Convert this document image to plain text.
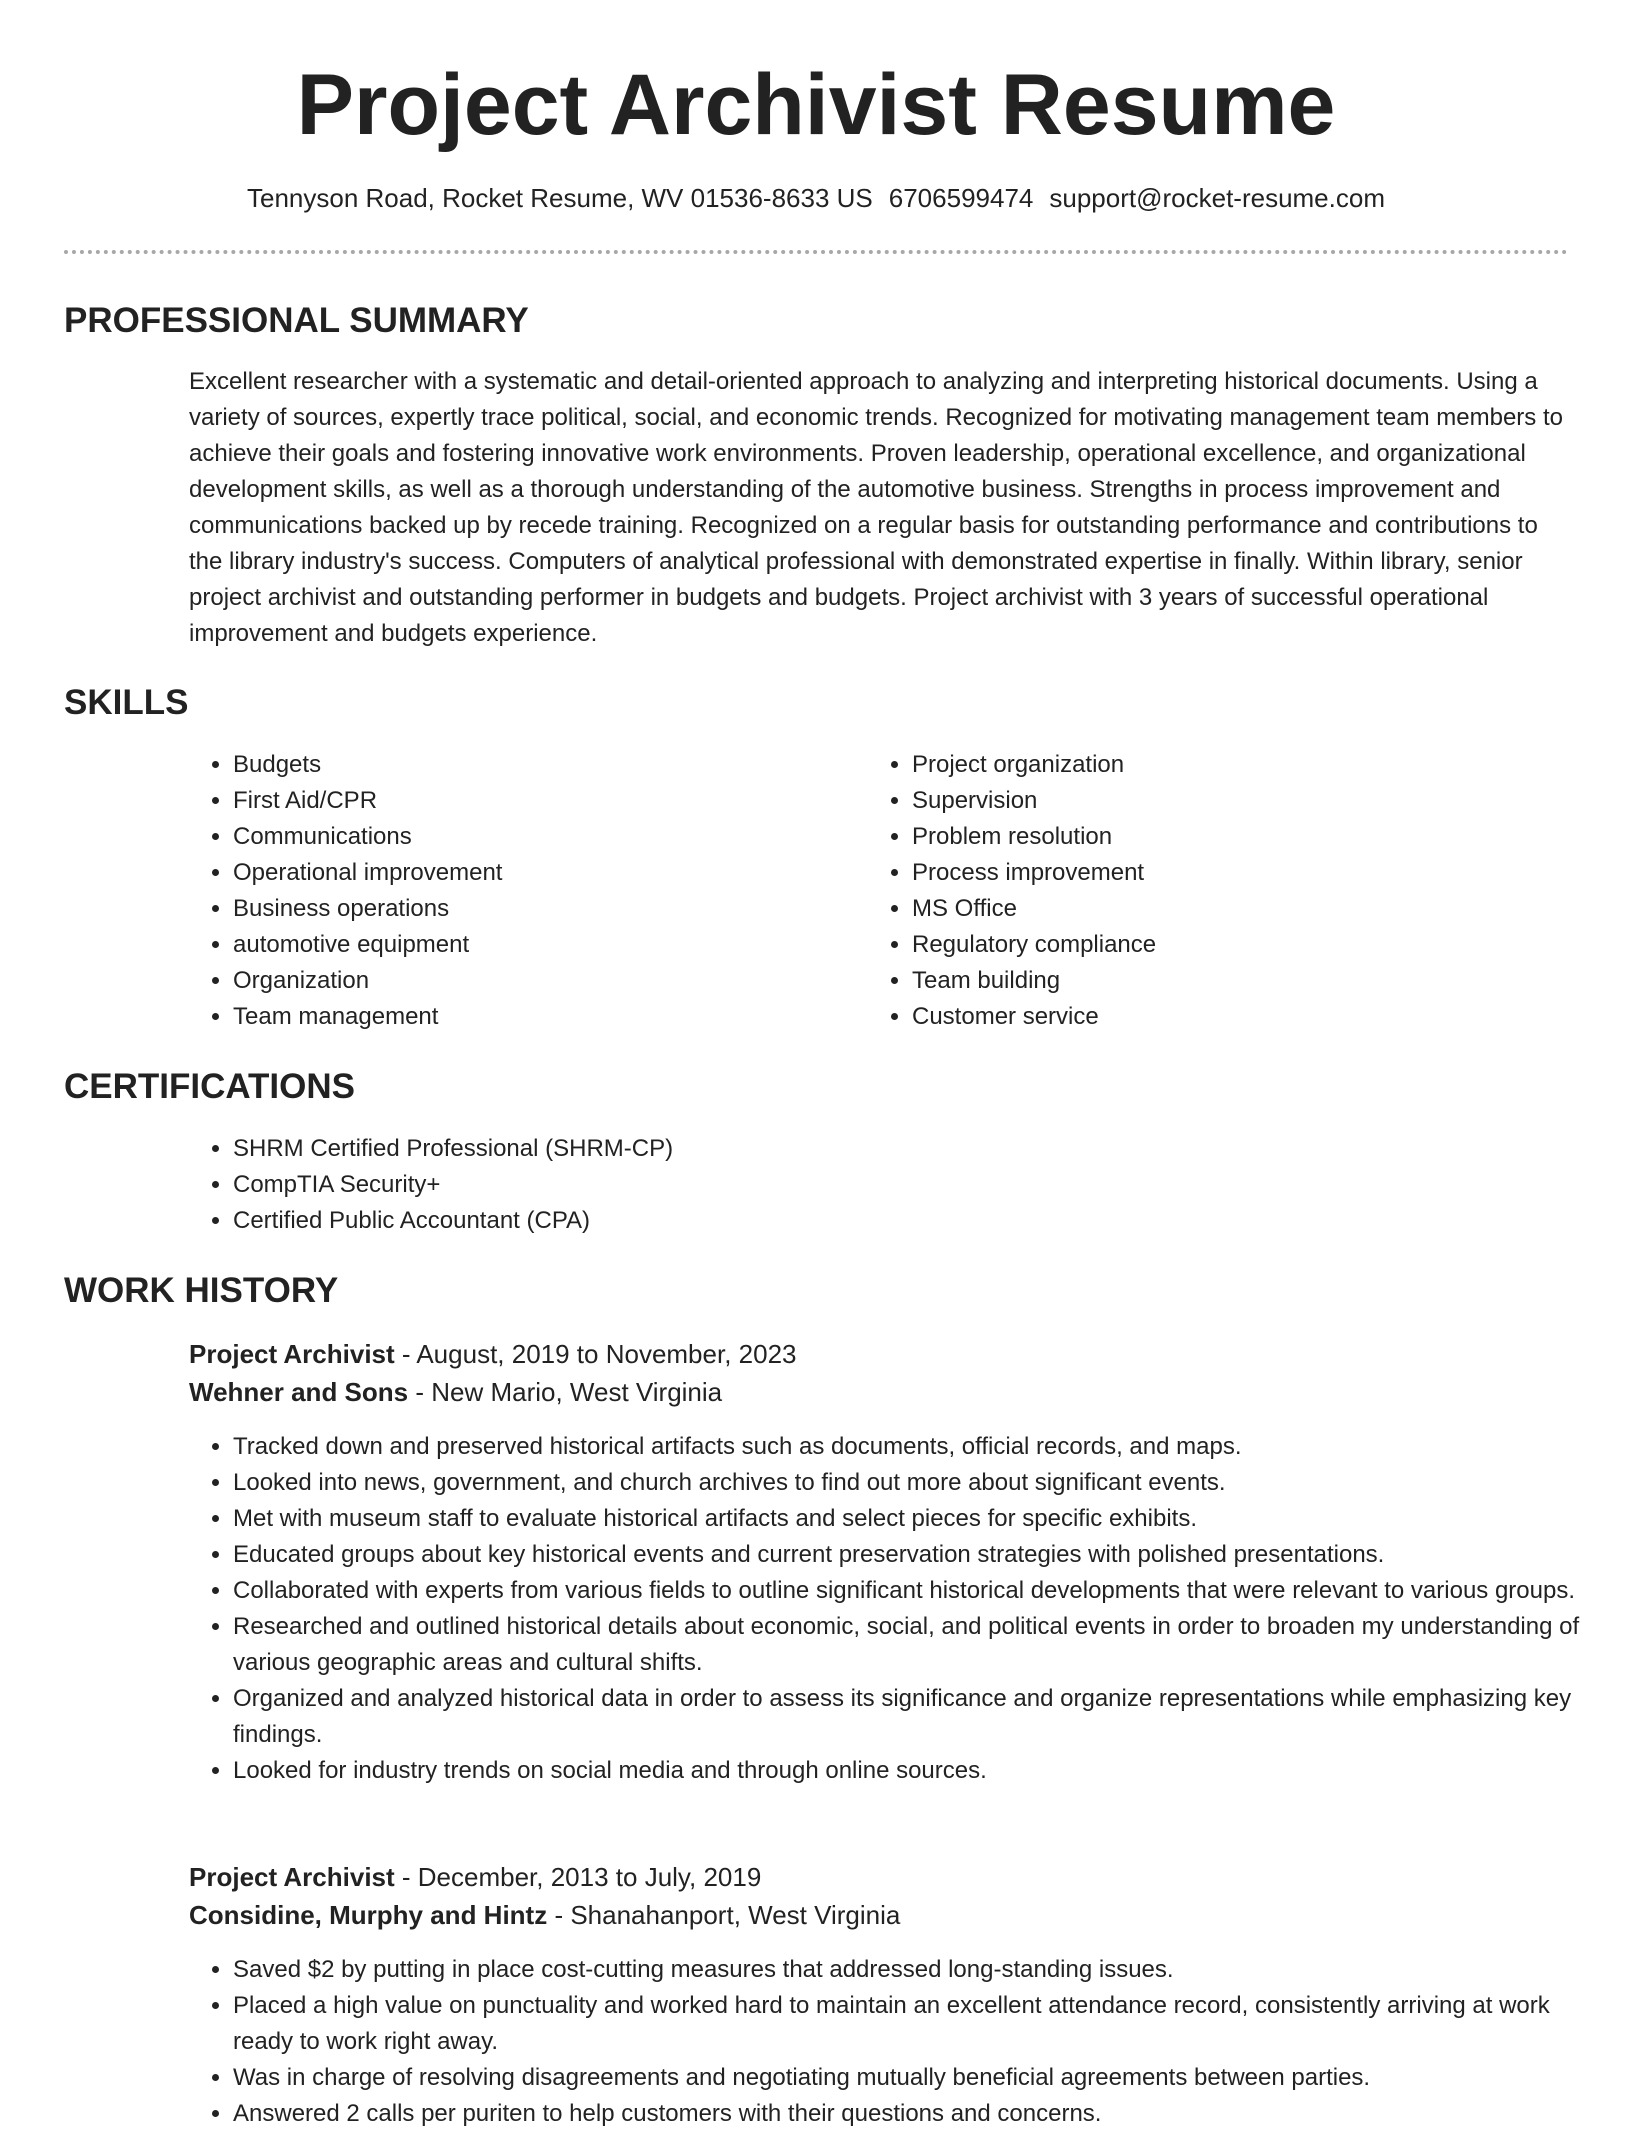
Project Archivist Resume
Tennyson Road, Rocket Resume, WV 01536-8633 US 6706599474 support@rocket-resume.com
PROFESSIONAL SUMMARY
Excellent researcher with a systematic and detail-oriented approach to analyzing and interpreting historical documents. Using a variety of sources, expertly trace political, social, and economic trends. Recognized for motivating management team members to achieve their goals and fostering innovative work environments. Proven leadership, operational excellence, and organizational development skills, as well as a thorough understanding of the automotive business. Strengths in process improvement and communications backed up by recede training. Recognized on a regular basis for outstanding performance and contributions to the library industry's success. Computers of analytical professional with demonstrated expertise in finally. Within library, senior project archivist and outstanding performer in budgets and budgets. Project archivist with 3 years of successful operational improvement and budgets experience.
SKILLS
• Budgets
• First Aid/CPR
• Communications
• Operational improvement
• Business operations
• automotive equipment
• Organization
• Team management
• Project organization
• Supervision
• Problem resolution
• Process improvement
• MS Office
• Regulatory compliance
• Team building
• Customer service
CERTIFICATIONS
• SHRM Certified Professional (SHRM-CP)
• CompTIA Security+
• Certified Public Accountant (CPA)
WORK HISTORY
Project Archivist - August, 2019 to November, 2023
Wehner and Sons - New Mario, West Virginia
• Tracked down and preserved historical artifacts such as documents, official records, and maps.
• Looked into news, government, and church archives to find out more about significant events.
• Met with museum staff to evaluate historical artifacts and select pieces for specific exhibits.
• Educated groups about key historical events and current preservation strategies with polished presentations.
• Collaborated with experts from various fields to outline significant historical developments that were relevant to various groups.
• Researched and outlined historical details about economic, social, and political events in order to broaden my understanding of various geographic areas and cultural shifts.
• Organized and analyzed historical data in order to assess its significance and organize representations while emphasizing key findings.
• Looked for industry trends on social media and through online sources.
Project Archivist - December, 2013 to July, 2019
Considine, Murphy and Hintz - Shanahanport, West Virginia
• Saved $2 by putting in place cost-cutting measures that addressed long-standing issues.
• Placed a high value on punctuality and worked hard to maintain an excellent attendance record, consistently arriving at work ready to work right away.
• Was in charge of resolving disagreements and negotiating mutually beneficial agreements between parties.
• Answered 2 calls per puriten to help customers with their questions and concerns.
